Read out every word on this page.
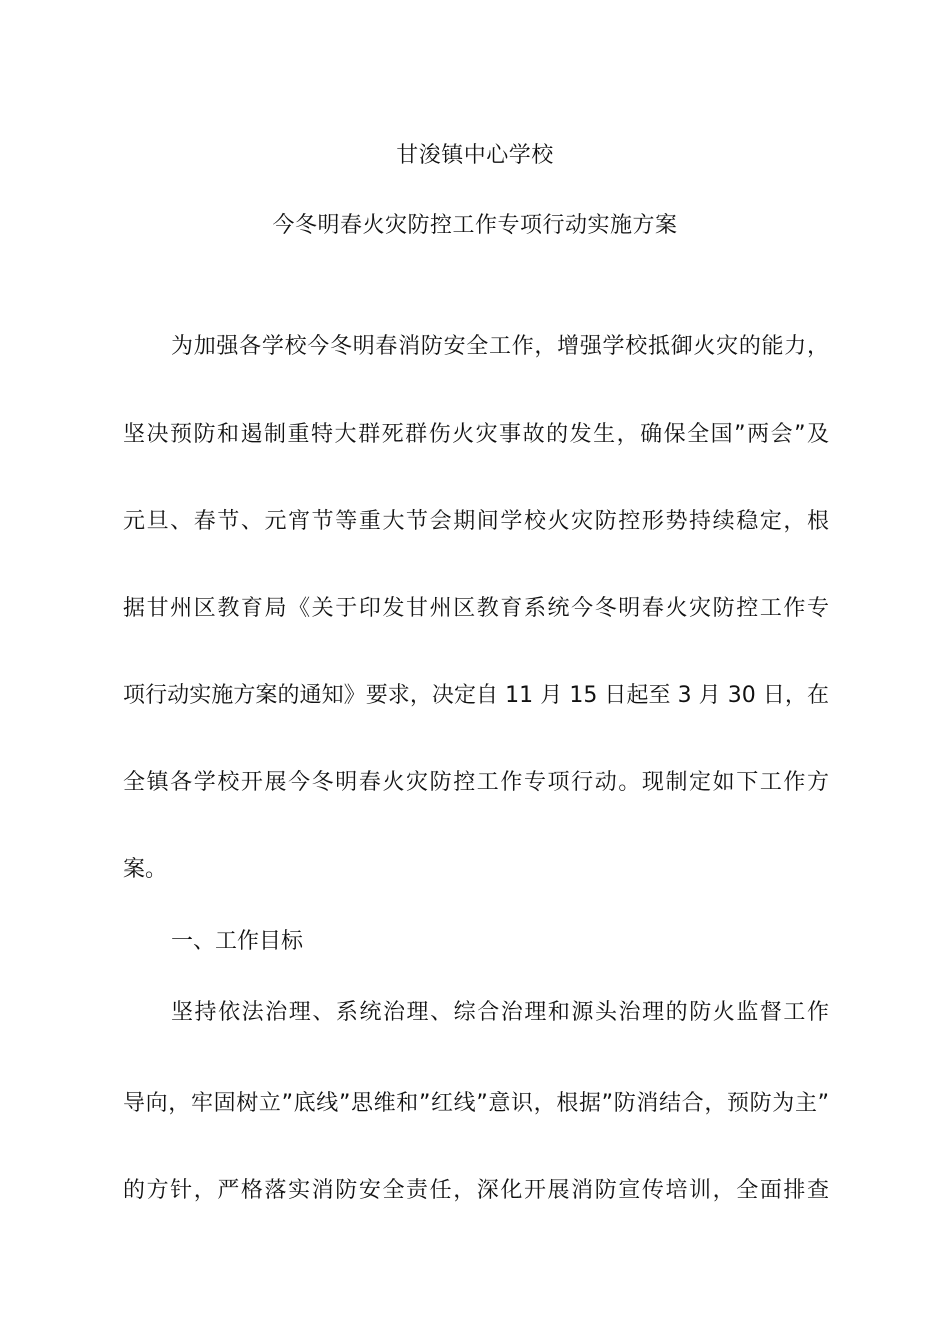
甘浚镇中心学校
今冬明春火灾防控工作专项行动实施方案
为加强各学校今冬明春消防安全工作，增强学校抵御火灾的能力，
坚决预防和遏制重特大群死群伤火灾事故的发生，确保全国”两会”及
元旦、春节、元宵节等重大节会期间学校火灾防控形势持续稳定，根
据甘州区教育局《关于印发甘州区教育系统今冬明春火灾防控工作专
项行动实施方案的通知》要求，决定自 11 月 15 日起至 3 月 30 日，在
全镇各学校开展今冬明春火灾防控工作专项行动。现制定如下工作方
案。
一、工作目标
坚持依法治理、系统治理、综合治理和源头治理的防火监督工作
导向，牢固树立”底线”思维和”红线”意识，根据”防消结合，预防为主”
的方针，严格落实消防安全责任，深化开展消防宣传培训，全面排查
